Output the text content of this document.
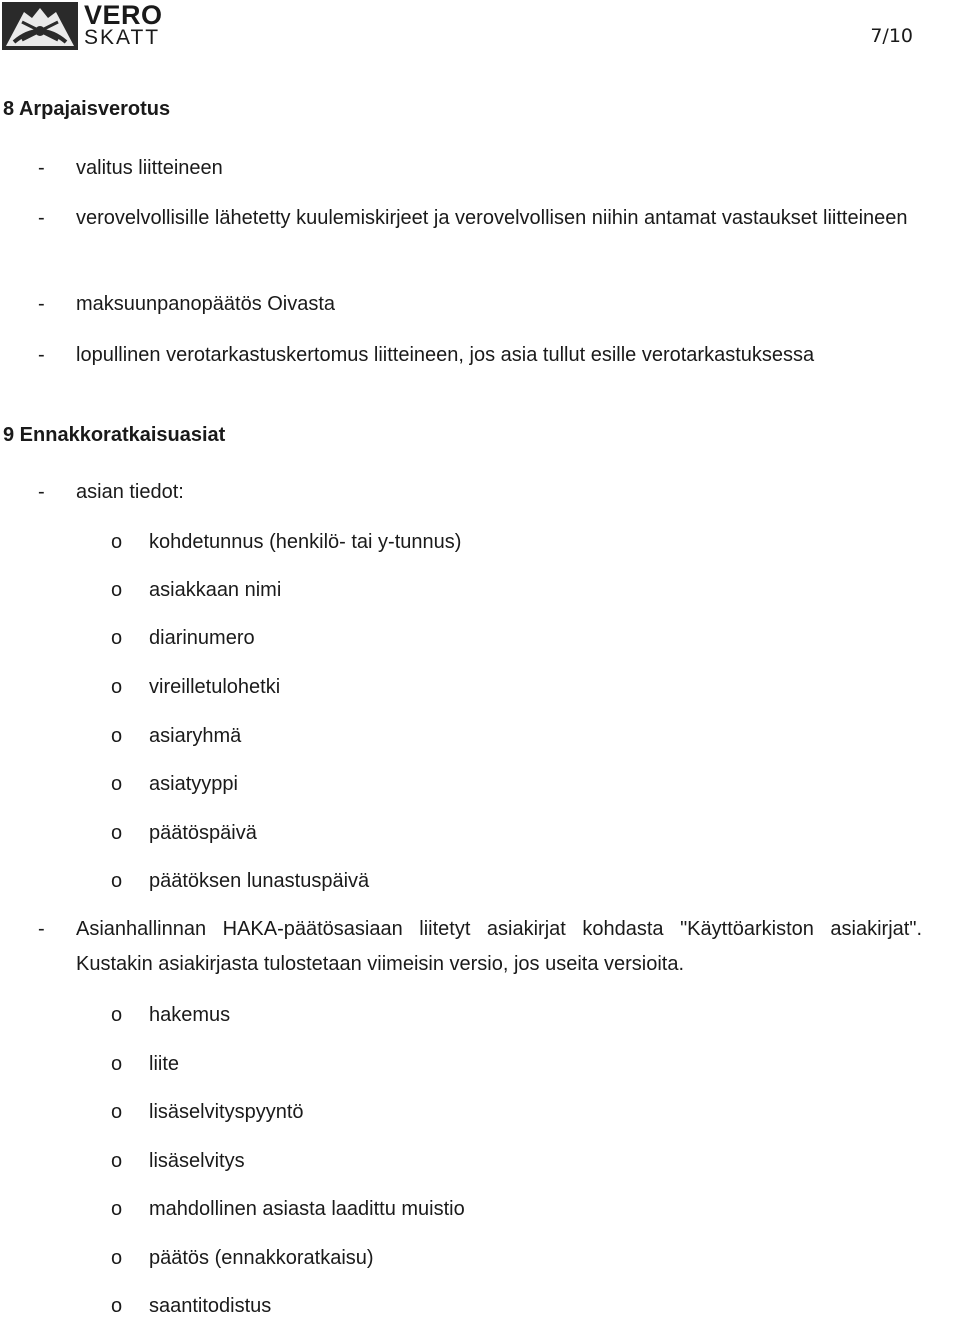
VERO
SKATT	7/10
8 Arpajaisverotus
- valitus liitteineen
- verovelvollisille lähetetty kuulemiskirjeet ja verovelvollisen niihin antamat vastaukset liitteineen
- maksuunpanopäätös Oivasta
- lopullinen verotarkastuskertomus liitteineen, jos asia tullut esille verotarkastuksessa
9 Ennakkoratkaisuasiat
- asian tiedot:
o kohdetunnus (henkilö- tai y-tunnus)
o asiakkaan nimi
o diarinumero
o vireilletulohetki
o asiaryhmä
o asiatyyppi
o päätöspäivä
o päätöksen lunastuspäivä
- Asianhallinnan HAKA-päätösasiaan liitetyt asiakirjat kohdasta "Käyttöarkiston asiakirjat". Kustakin asiakirjasta tulostetaan viimeisin versio, jos useita versioita.
o hakemus
o liite
o lisäselvityspyyntö
o lisäselvitys
o mahdollinen asiasta laadittu muistio
o päätös (ennakkoratkaisu)
o saantitodistus
